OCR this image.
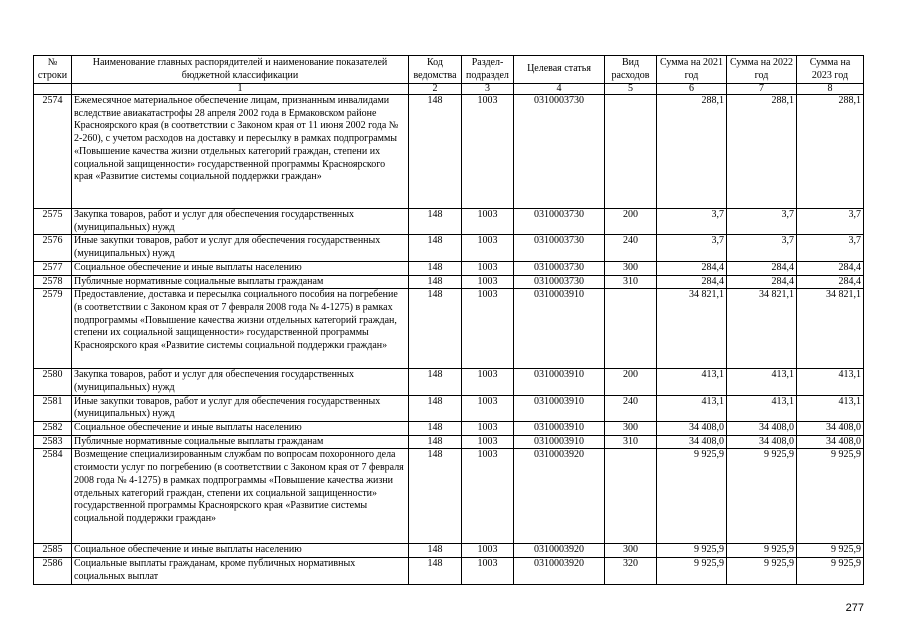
№ строки	Наименование главных распорядителей и наименование показателей бюджетной классификации	Код ведомства	Раздел-подраздел	Целевая статья	Вид расходов	Сумма на 2021 год	Сумма на 2022 год	Сумма на 2023 год
	1	2	3	4	5	6	7	8
2574	Ежемесячное материальное обеспечение лицам, признанным инвалидами вследствие авиакатастрофы 28 апреля 2002 года в Ермаковском районе Красноярского края (в соответствии с Законом края от 11 июня 2002 года № 2-260), с учетом расходов на доставку и пересылку в рамках подпрограммы «Повышение качества жизни отдельных категорий граждан, степени их социальной защищенности» государственной программы Красноярского края «Развитие системы социальной поддержки граждан»	148	1003	0310003730		288,1	288,1	288,1
2575	Закупка товаров, работ и услуг для обеспечения государственных (муниципальных) нужд	148	1003	0310003730	200	3,7	3,7	3,7
2576	Иные закупки товаров, работ и услуг для обеспечения государственных (муниципальных) нужд	148	1003	0310003730	240	3,7	3,7	3,7
2577	Социальное обеспечение и иные выплаты населению	148	1003	0310003730	300	284,4	284,4	284,4
2578	Публичные нормативные социальные выплаты гражданам	148	1003	0310003730	310	284,4	284,4	284,4
2579	Предоставление, доставка и пересылка социального пособия на погребение (в соответствии с Законом края от 7 февраля 2008 года № 4-1275) в рамках подпрограммы «Повышение качества жизни отдельных категорий граждан, степени их социальной защищенности» государственной программы Красноярского края «Развитие системы социальной поддержки граждан»	148	1003	0310003910		34 821,1	34 821,1	34 821,1
2580	Закупка товаров, работ и услуг для обеспечения государственных (муниципальных) нужд	148	1003	0310003910	200	413,1	413,1	413,1
2581	Иные закупки товаров, работ и услуг для обеспечения государственных (муниципальных) нужд	148	1003	0310003910	240	413,1	413,1	413,1
2582	Социальное обеспечение и иные выплаты населению	148	1003	0310003910	300	34 408,0	34 408,0	34 408,0
2583	Публичные нормативные социальные выплаты гражданам	148	1003	0310003910	310	34 408,0	34 408,0	34 408,0
2584	Возмещение специализированным службам по вопросам похоронного дела стоимости услуг по погребению (в соответствии с Законом края от 7 февраля 2008 года № 4-1275) в рамках подпрограммы «Повышение качества жизни отдельных категорий граждан, степени их социальной защищенности» государственной программы Красноярского края «Развитие системы социальной поддержки граждан»	148	1003	0310003920		9 925,9	9 925,9	9 925,9
2585	Социальное обеспечение и иные выплаты населению	148	1003	0310003920	300	9 925,9	9 925,9	9 925,9
2586	Социальные выплаты гражданам, кроме публичных нормативных социальных выплат	148	1003	0310003920	320	9 925,9	9 925,9	9 925,9
277
